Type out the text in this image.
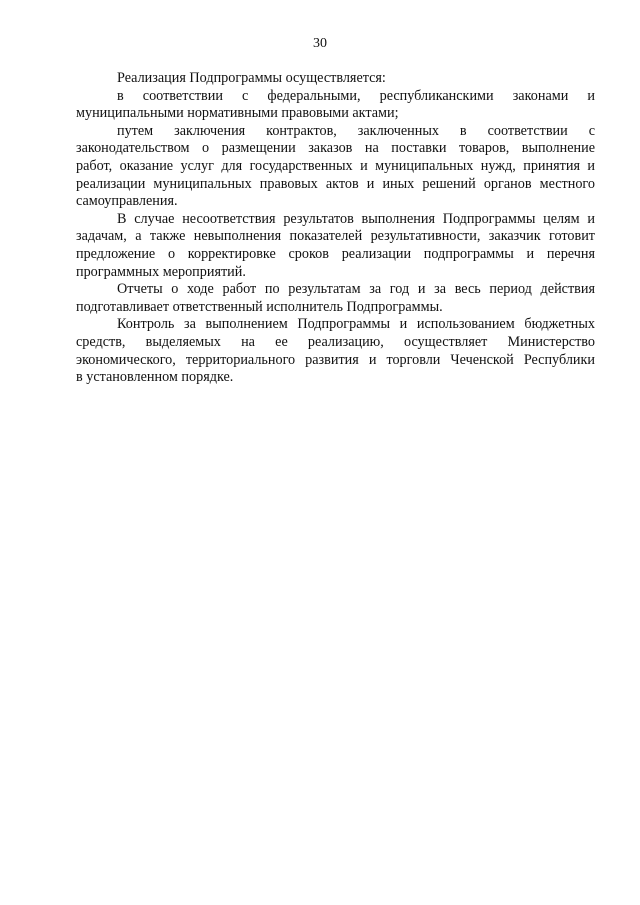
30
Реализация Подпрограммы осуществляется:
в соответствии с федеральными, республиканскими законами и
муниципальными нормативными правовыми актами;
путем заключения контрактов, заключенных в соответствии с
законодательством о размещении заказов на поставки товаров, выполнение
работ, оказание услуг для государственных и муниципальных нужд, принятия и
реализации муниципальных правовых актов и иных решений органов местного
самоуправления.
В случае несоответствия результатов выполнения Подпрограммы целям и
задачам, а также невыполнения показателей результативности, заказчик готовит
предложение о корректировке сроков реализации подпрограммы и перечня
программных мероприятий.
Отчеты о ходе работ по результатам за год и за весь период действия
подготавливает ответственный исполнитель Подпрограммы.
Контроль за выполнением Подпрограммы и использованием бюджетных
средств, выделяемых на ее реализацию, осуществляет Министерство
экономического, территориального развития и торговли Чеченской Республики
в установленном порядке.
